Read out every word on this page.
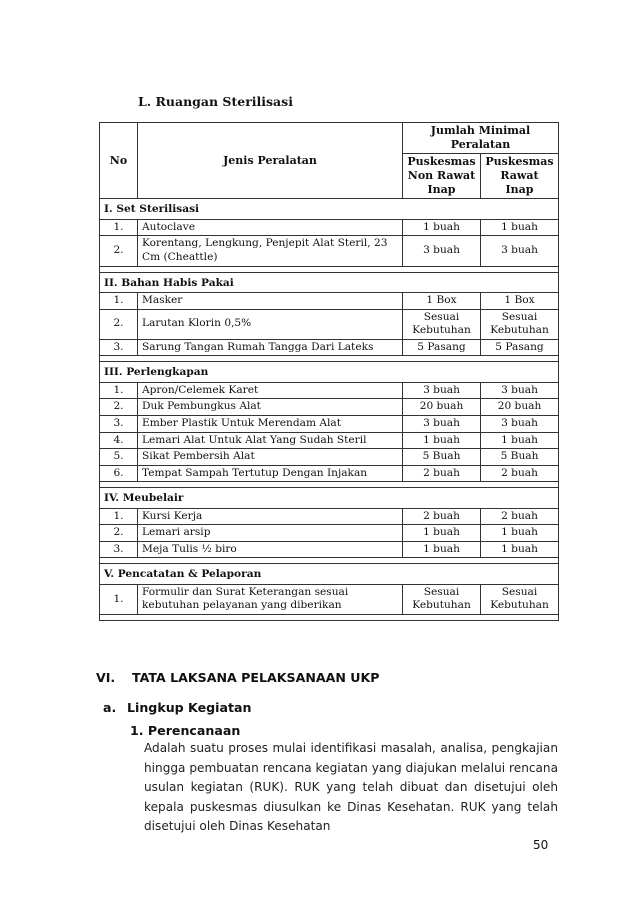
L. Ruangan Sterilisasi
No	Jenis Peralatan	Jumlah Minimal Peralatan	
		Puskesmas Non Rawat Inap	Puskesmas Rawat Inap
I. Set Sterilisasi			
1.	Autoclave	1 buah	1 buah
2.	Korentang, Lengkung, Penjepit Alat Steril, 23 Cm (Cheattle)	3 buah	3 buah

II. Bahan Habis Pakai			
1.	Masker	1 Box	1 Box
2.	Larutan Klorin 0,5%	Sesuai Kebutuhan	Sesuai Kebutuhan
3.	Sarung Tangan Rumah Tangga Dari Lateks	5 Pasang	5 Pasang

III. Perlengkapan			
1.	Apron/Celemek Karet	3 buah	3 buah
2.	Duk Pembungkus Alat	20 buah	20 buah
3.	Ember Plastik Untuk Merendam Alat	3 buah	3 buah
4.	Lemari Alat Untuk Alat Yang Sudah Steril	1 buah	1 buah
5.	Sikat Pembersih Alat	5 Buah	5 Buah
6.	Tempat Sampah Tertutup Dengan Injakan	2 buah	2 buah

IV. Meubelair			
1.	Kursi Kerja	2 buah	2 buah
2.	Lemari arsip	1 buah	1 buah
3.	Meja Tulis ½ biro	1 buah	1 buah

V. Pencatatan & Pelaporan			
1.	Formulir dan Surat Keterangan sesuai kebutuhan pelayanan yang diberikan	Sesuai Kebutuhan	Sesuai Kebutuhan

VI. TATA LAKSANA PELAKSANAAN UKP
a. Lingkup Kegiatan
1. Perencanaan
Adalah suatu proses mulai identifikasi masalah, analisa, pengkajian hingga pembuatan rencana kegiatan yang diajukan melalui rencana usulan kegiatan (RUK). RUK yang telah dibuat dan disetujui oleh kepala puskesmas diusulkan ke Dinas Kesehatan. RUK yang telah disetujui oleh Dinas Kesehatan
50
